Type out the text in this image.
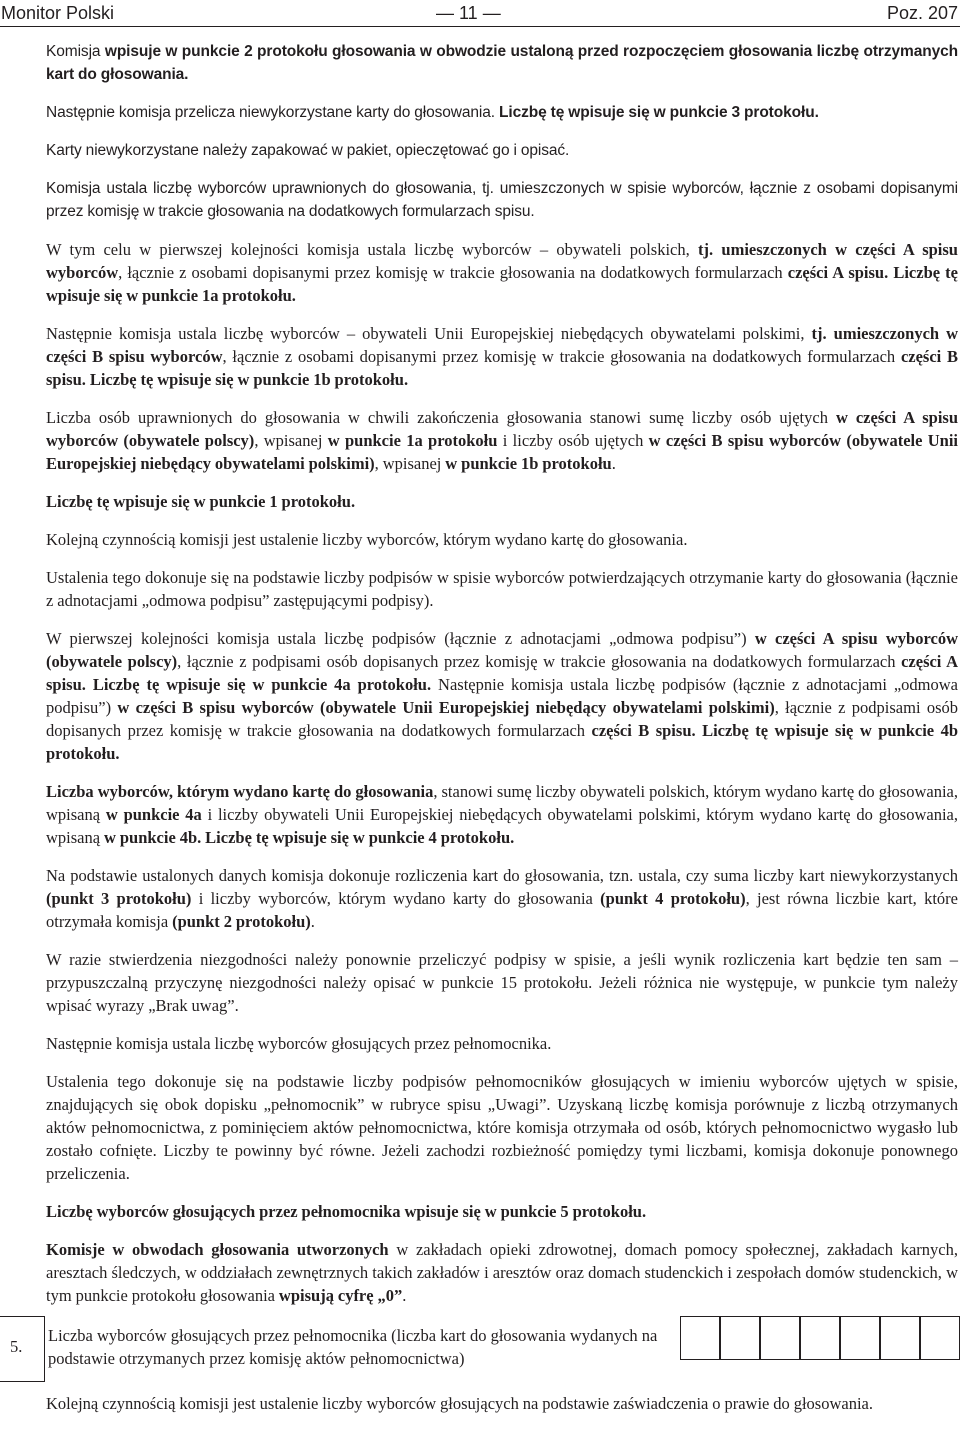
Monitor Polski	— 11 —	Poz. 207

Komisja wpisuje w punkcie 2 protokołu głosowania w obwodzie ustaloną przed rozpoczęciem głosowania liczbę otrzymanych kart do głosowania.

Następnie komisja przelicza niewykorzystane karty do głosowania. Liczbę tę wpisuje się w punkcie 3 protokołu.

Karty niewykorzystane należy zapakować w pakiet, opieczętować go i opisać.

Komisja ustala liczbę wyborców uprawnionych do głosowania, tj. umieszczonych w spisie wyborców, łącznie z osobami dopisanymi przez komisję w trakcie głosowania na dodatkowych formularzach spisu.

W tym celu w pierwszej kolejności komisja ustala liczbę wyborców – obywateli polskich, tj. umieszczonych w części A spisu wyborców, łącznie z osobami dopisanymi przez komisję w trakcie głosowania na dodatkowych formularzach części A spisu. Liczbę tę wpisuje się w punkcie 1a protokołu.

Następnie komisja ustala liczbę wyborców – obywateli Unii Europejskiej niebędących obywatelami polskimi, tj. umieszczonych w części B spisu wyborców, łącznie z osobami dopisanymi przez komisję w trakcie głosowania na dodatkowych formularzach części B spisu. Liczbę tę wpisuje się w punkcie 1b protokołu.

Liczba osób uprawnionych do głosowania w chwili zakończenia głosowania stanowi sumę liczby osób ujętych w części A spisu wyborców (obywatele polscy), wpisanej w punkcie 1a protokołu i liczby osób ujętych w części B spisu wyborców (obywatele Unii Europejskiej niebędący obywatelami polskimi), wpisanej w punkcie 1b protokołu.

Liczbę tę wpisuje się w punkcie 1 protokołu.

Kolejną czynnością komisji jest ustalenie liczby wyborców, którym wydano kartę do głosowania.

Ustalenia tego dokonuje się na podstawie liczby podpisów w spisie wyborców potwierdzających otrzymanie karty do głosowania (łącznie z adnotacjami „odmowa podpisu” zastępującymi podpisy).

W pierwszej kolejności komisja ustala liczbę podpisów (łącznie z adnotacjami „odmowa podpisu”) w części A spisu wyborców (obywatele polscy), łącznie z podpisami osób dopisanych przez komisję w trakcie głosowania na dodatkowych formularzach części A spisu. Liczbę tę wpisuje się w punkcie 4a protokołu. Następnie komisja ustala liczbę podpisów (łącznie z adnotacjami „odmowa podpisu”) w części B spisu wyborców (obywatele Unii Europejskiej niebędący obywatelami polskimi), łącznie z podpisami osób dopisanych przez komisję w trakcie głosowania na dodatkowych formularzach części B spisu. Liczbę tę wpisuje się w punkcie 4b protokołu.

Liczba wyborców, którym wydano kartę do głosowania, stanowi sumę liczby obywateli polskich, którym wydano kartę do głosowania, wpisaną w punkcie 4a i liczby obywateli Unii Europejskiej niebędących obywatelami polskimi, którym wydano kartę do głosowania, wpisaną w punkcie 4b. Liczbę tę wpisuje się w punkcie 4 protokołu.

Na podstawie ustalonych danych komisja dokonuje rozliczenia kart do głosowania, tzn. ustala, czy suma liczby kart niewykorzystanych (punkt 3 protokołu) i liczby wyborców, którym wydano karty do głosowania (punkt 4 protokołu), jest równa liczbie kart, które otrzymała komisja (punkt 2 protokołu).

W razie stwierdzenia niezgodności należy ponownie przeliczyć podpisy w spisie, a jeśli wynik rozliczenia kart będzie ten sam – przypuszczalną przyczynę niezgodności należy opisać w punkcie 15 protokołu. Jeżeli różnica nie występuje, w punkcie tym należy wpisać wyrazy „Brak uwag”.

Następnie komisja ustala liczbę wyborców głosujących przez pełnomocnika.

Ustalenia tego dokonuje się na podstawie liczby podpisów pełnomocników głosujących w imieniu wyborców ujętych w spisie, znajdujących się obok dopisku „pełnomocnik” w rubryce spisu „Uwagi”. Uzyskaną liczbę komisja porównuje z liczbą otrzymanych aktów pełnomocnictwa, z pominięciem aktów pełnomocnictwa, które komisja otrzymała od osób, których pełnomocnictwo wygasło lub zostało cofnięte. Liczby te powinny być równe. Jeżeli zachodzi rozbieżność pomiędzy tymi liczbami, komisja dokonuje ponownego przeliczenia.

Liczbę wyborców głosujących przez pełnomocnika wpisuje się w punkcie 5 protokołu.

Komisje w obwodach głosowania utworzonych w zakładach opieki zdrowotnej, domach pomocy społecznej, zakładach karnych, aresztach śledczych, w oddziałach zewnętrznych takich zakładów i aresztów oraz domach studenckich i zespołach domów studenckich, w tym punkcie protokołu głosowania wpisują cyfrę „0”.

5.
Liczba wyborców głosujących przez pełnomocnika (liczba kart do głosowania wydanych na podstawie otrzymanych przez komisję aktów pełnomocnictwa)

Kolejną czynnością komisji jest ustalenie liczby wyborców głosujących na podstawie zaświadczenia o prawie do głosowania.
